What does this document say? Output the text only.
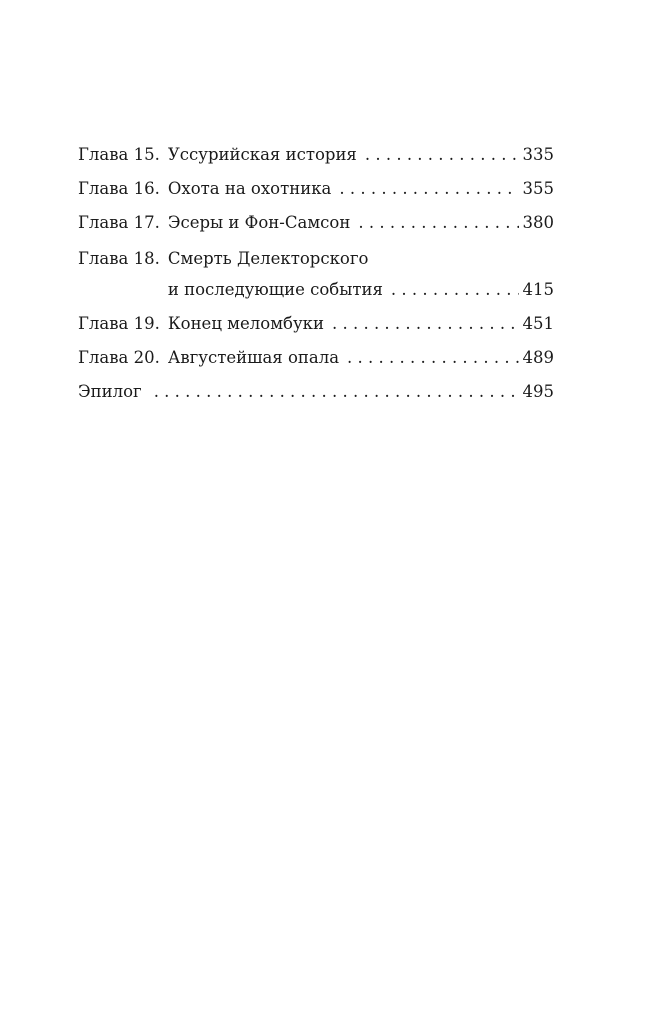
Глава 15. Уссурийская история . . .	335
Глава 16. Охота на охотника . . .	355
Глава 17. Эсеры и Фон-Самсон . . .	380
Глава 18. Смерть Делекторского
и последующие события . . .	415
Глава 19. Конец меломбуки . . .	451
Глава 20. Августейшая опала . . .	489
Эпилог . . .	495
